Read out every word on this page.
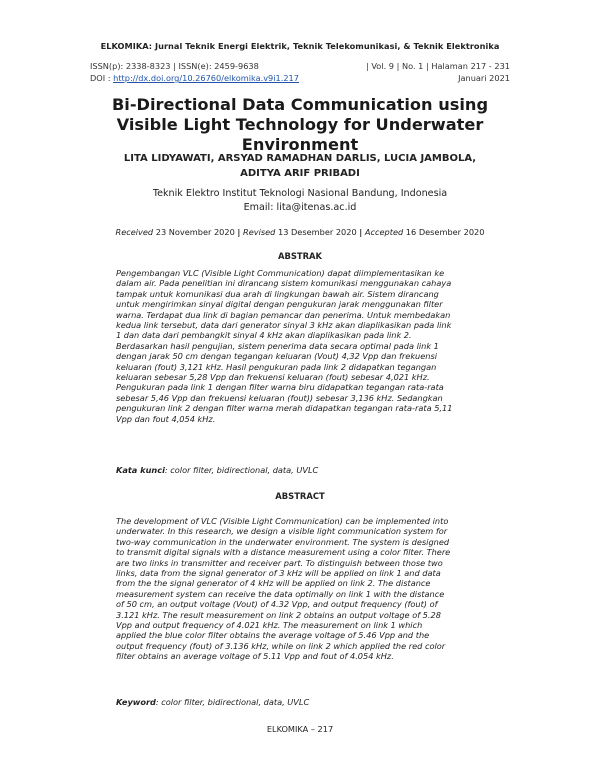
ELKOMIKA: Jurnal Teknik Energi Elektrik, Teknik Telekomunikasi, & Teknik Elektronika
ISSN(p): 2338-8323 | ISSN(e): 2459-9638
DOI : http://dx.doi.org/10.26760/elkomika.v9i1.217
| Vol. 9 | No. 1 | Halaman 217 - 231
Januari 2021
Bi-Directional Data Communication using Visible Light Technology for Underwater Environment
LITA LIDYAWATI, ARSYAD RAMADHAN DARLIS, LUCIA JAMBOLA,
ADITYA ARIF PRIBADI
Teknik Elektro Institut Teknologi Nasional Bandung, Indonesia
Email: lita@itenas.ac.id
Received 23 November 2020 | Revised 13 Desember 2020 | Accepted 16 Desember 2020
ABSTRAK
Pengembangan VLC (Visible Light Communication) dapat diimplementasikan ke
dalam air. Pada penelitian ini dirancang sistem komunikasi menggunakan cahaya
tampak untuk komunikasi dua arah di lingkungan bawah air. Sistem dirancang
untuk mengirimkan sinyal digital dengan pengukuran jarak menggunakan filter
warna. Terdapat dua link di bagian pemancar dan penerima. Untuk membedakan
kedua link tersebut, data dari generator sinyal 3 kHz akan diaplikasikan pada link
1 dan data dari pembangkit sinyal 4 kHz akan diaplikasikan pada link 2.
Berdasarkan hasil pengujian, sistem penerima data secara optimal pada link 1
dengan jarak 50 cm dengan tegangan keluaran (Vout) 4,32 Vpp dan frekuensi
keluaran (fout) 3,121 kHz. Hasil pengukuran pada link 2 didapatkan tegangan
keluaran sebesar 5,28 Vpp dan frekuensi keluaran (fout) sebesar 4,021 kHz.
Pengukuran pada link 1 dengan filter warna biru didapatkan tegangan rata-rata
sebesar 5,46 Vpp dan frekuensi keluaran (fout)) sebesar 3,136 kHz. Sedangkan
pengukuran link 2 dengan filter warna merah didapatkan tegangan rata-rata 5,11
Vpp dan fout 4,054 kHz.
Kata kunci: color filter, bidirectional, data, UVLC
ABSTRACT
The development of VLC (Visible Light Communication) can be implemented into
underwater. In this research, we design a visible light communication system for
two-way communication in the underwater environment. The system is designed
to transmit digital signals with a distance measurement using a color filter. There
are two links in transmitter and receiver part. To distinguish between those two
links, data from the signal generator of 3 kHz will be applied on link 1 and data
from the the signal generator of 4 kHz will be applied on link 2. The distance
measurement system can receive the data optimally on link 1 with the distance
of 50 cm, an output voltage (Vout) of 4.32 Vpp, and output frequency (fout) of
3.121 kHz. The result measurement on link 2 obtains an output voltage of 5.28
Vpp and output frequency of 4.021 kHz. The measurement on link 1 which
applied the blue color filter obtains the average voltage of 5.46 Vpp and the
output frequency (fout) of 3.136 kHz, while on link 2 which applied the red color
filter obtains an average voltage of 5.11 Vpp and fout of 4.054 kHz.
Keyword: color filter, bidirectional, data, UVLC
ELKOMIKA – 217
